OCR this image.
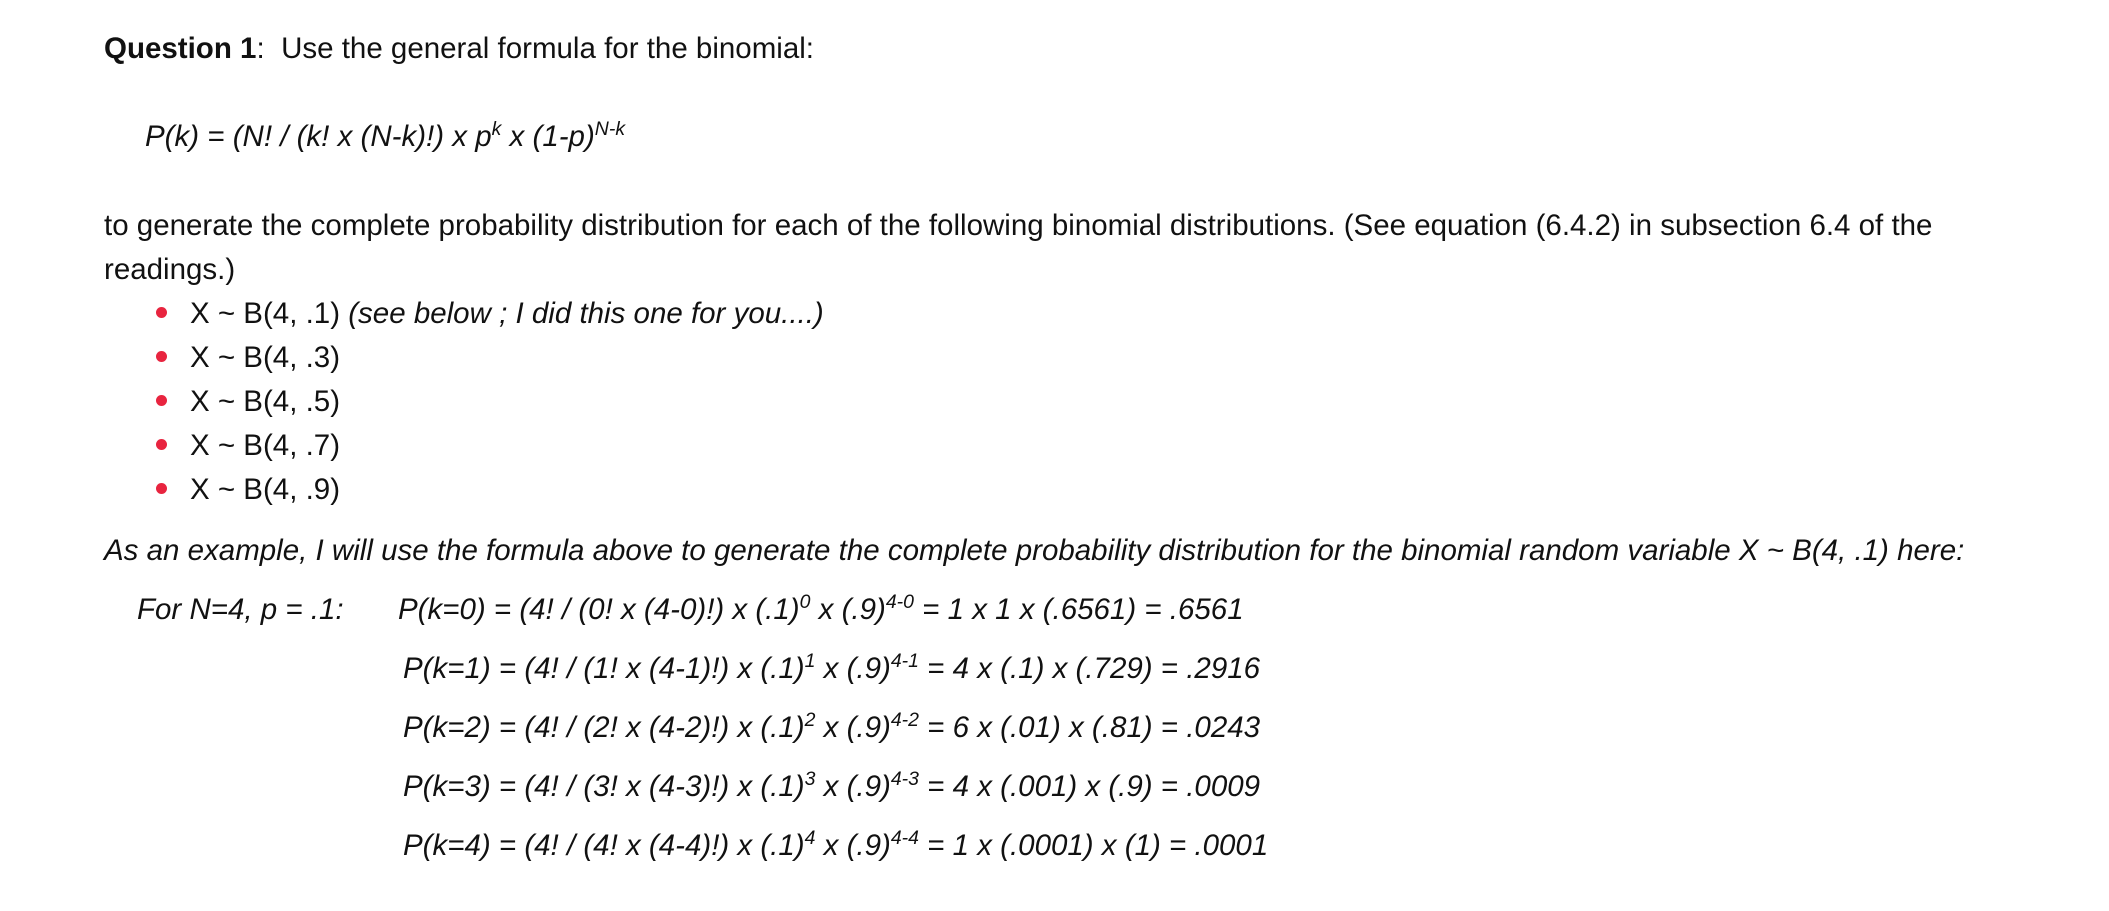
Question 1: Use the general formula for the binomial:
P(k) = (N! / (k! x (N-k)!) x $p^k$ x $(1-p)^{N-k}$
to generate the complete probability distribution for each of the following binomial distributions. (See equation (6.4.2) in subsection 6.4 of the
readings.)
X ~ B(4, .1) (see below ; I did this one for you....)
X ~ B(4, .3)
X ~ B(4, .5)
X ~ B(4, .7)
X ~ B(4, .9)
As an example, I will use the formula above to generate the complete probability distribution for the binomial random variable X ~ B(4, .1) here:
For N=4, p = .1: P(k=0) = (4! / (0! x (4-0)!) x $(.1)^0$ x $(.9)^{4-0} = 1$ x 1 x (.6561) = .6561
P(k=1) = (4! / (1! x (4-1)!) x $(.1)^1$ x $(.9)^{4-1} = 4$ x (.1) x (.729) = .2916
P(k=2) = (4! / (2! x (4-2)!) x $(.1)^2$ x $(.9)^{4-2} = 6$ x (.01) x (.81) = .0243
P(k=3) = (4! / (3! x (4-3)!) x $(.1)^3$ x $(.9)^{4-3} = 4$ x (.001) x (.9) = .0009
P(k=4) = (4! / (4! x (4-4)!) x $(.1)^4$ x $(.9)^{4-4} = 1$ x (.0001) x (1) = .0001
